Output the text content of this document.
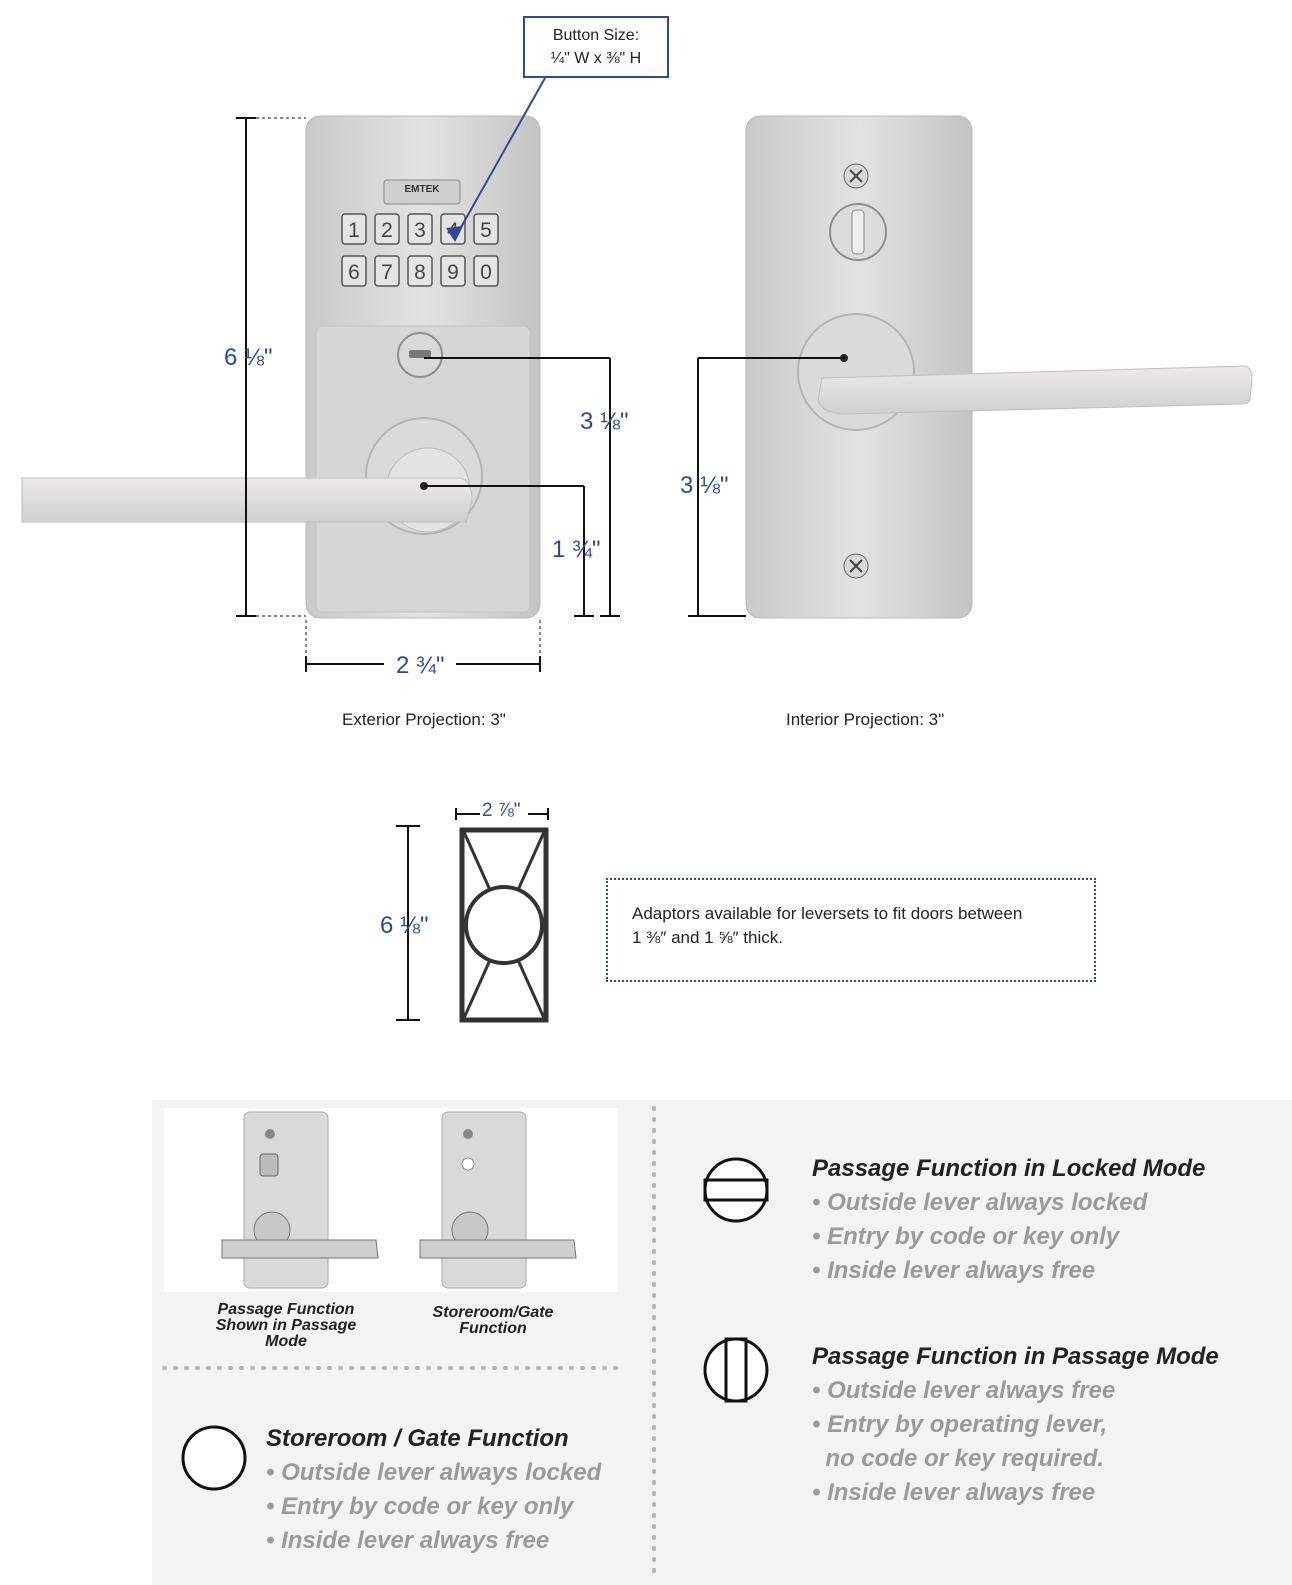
1 2 3	5
6 7 8 9 0
Button Size:
¼" W x ⅜" H
6 ⅛"
3 ⅛"
1 ¾"
2 ¾"
3 ⅛"
2 ⅞"
6 ⅛"
EMTEK
Exterior Projection: 3"	Interior Projection: 3"
Adaptors available for leversets to fit doors between
1 ⅜″ and 1 ⅝″ thick.
Passage Function
Shown in Passage
Mode
Storeroom/Gate
Function
Storeroom / Gate Function
• Outside lever always locked
• Entry by code or key only
• Inside lever always free
Passage Function in Locked Mode
• Outside lever always locked
• Entry by code or key only
• Inside lever always free
Passage Function in Passage Mode
• Outside lever always free
• Entry by operating lever,
no code or key required.
• Inside lever always free
